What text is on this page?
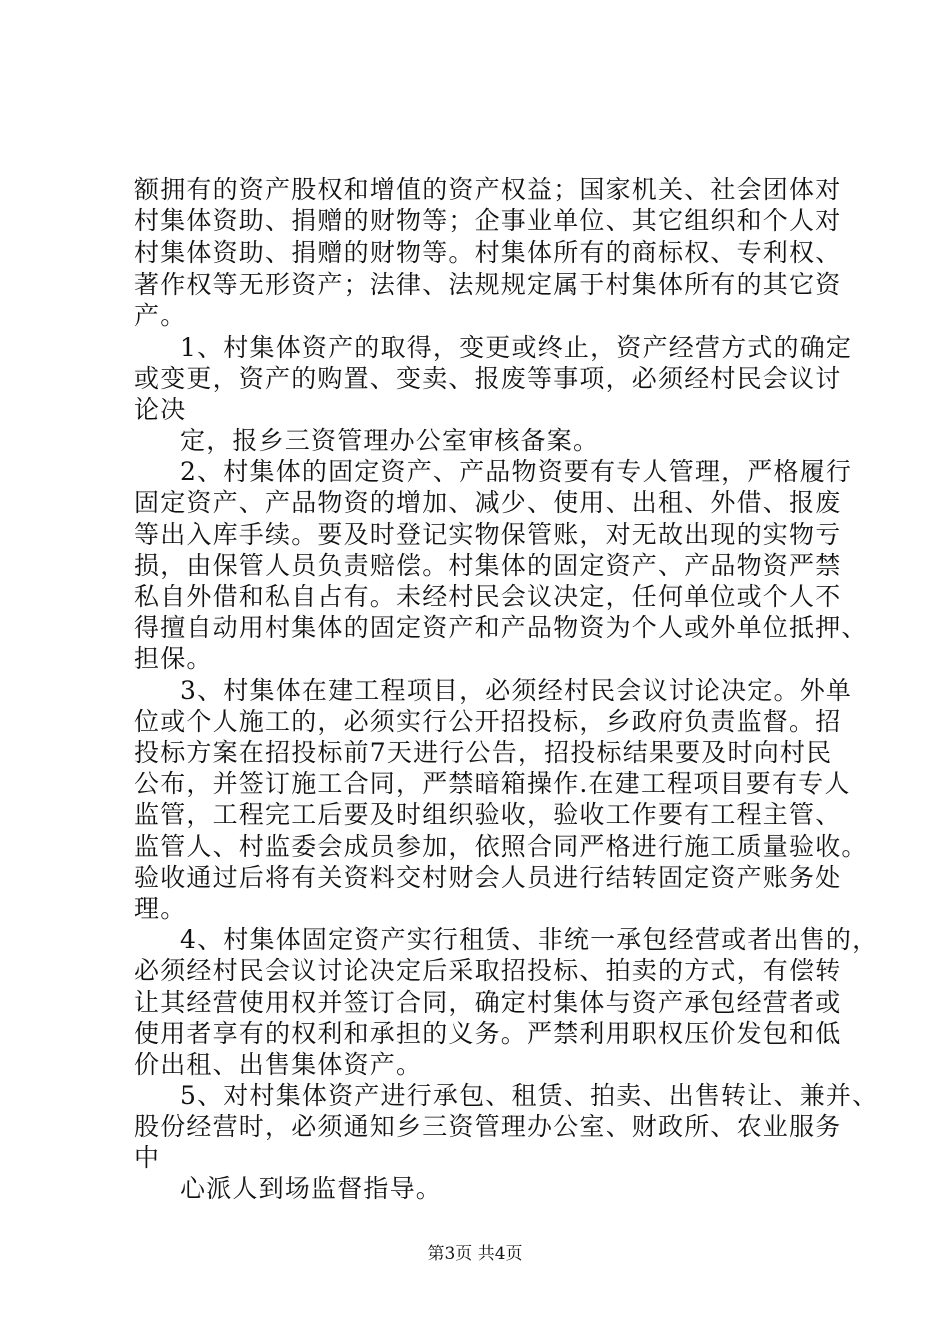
额拥有的资产股权和增值的资产权益；国家机关、社会团体对
村集体资助、捐赠的财物等；企事业单位、其它组织和个人对
村集体资助、捐赠的财物等。村集体所有的商标权、专利权、
著作权等无形资产；法律、法规规定属于村集体所有的其它资
产。
1、村集体资产的取得，变更或终止，资产经营方式的确定
或变更，资产的购置、变卖、报废等事项，必须经村民会议讨
论决
定，报乡三资管理办公室审核备案。
2、村集体的固定资产、产品物资要有专人管理，严格履行
固定资产、产品物资的增加、减少、使用、出租、外借、报废
等出入库手续。要及时登记实物保管账，对无故出现的实物亏
损，由保管人员负责赔偿。村集体的固定资产、产品物资严禁
私自外借和私自占有。未经村民会议决定，任何单位或个人不
得擅自动用村集体的固定资产和产品物资为个人或外单位抵押、
担保。
3、村集体在建工程项目，必须经村民会议讨论决定。外单
位或个人施工的，必须实行公开招投标，乡政府负责监督。招
投标方案在招投标前7天进行公告，招投标结果要及时向村民
公布，并签订施工合同，严禁暗箱操作.在建工程项目要有专人
监管，工程完工后要及时组织验收，验收工作要有工程主管、
监管人、村监委会成员参加，依照合同严格进行施工质量验收。
验收通过后将有关资料交村财会人员进行结转固定资产账务处
理。
4、村集体固定资产实行租赁、非统一承包经营或者出售的，
必须经村民会议讨论决定后采取招投标、拍卖的方式，有偿转
让其经营使用权并签订合同，确定村集体与资产承包经营者或
使用者享有的权利和承担的义务。严禁利用职权压价发包和低
价出租、出售集体资产。
5、对村集体资产进行承包、租赁、拍卖、出售转让、兼并、
股份经营时，必须通知乡三资管理办公室、财政所、农业服务
中
心派人到场监督指导。
第3页 共4页
